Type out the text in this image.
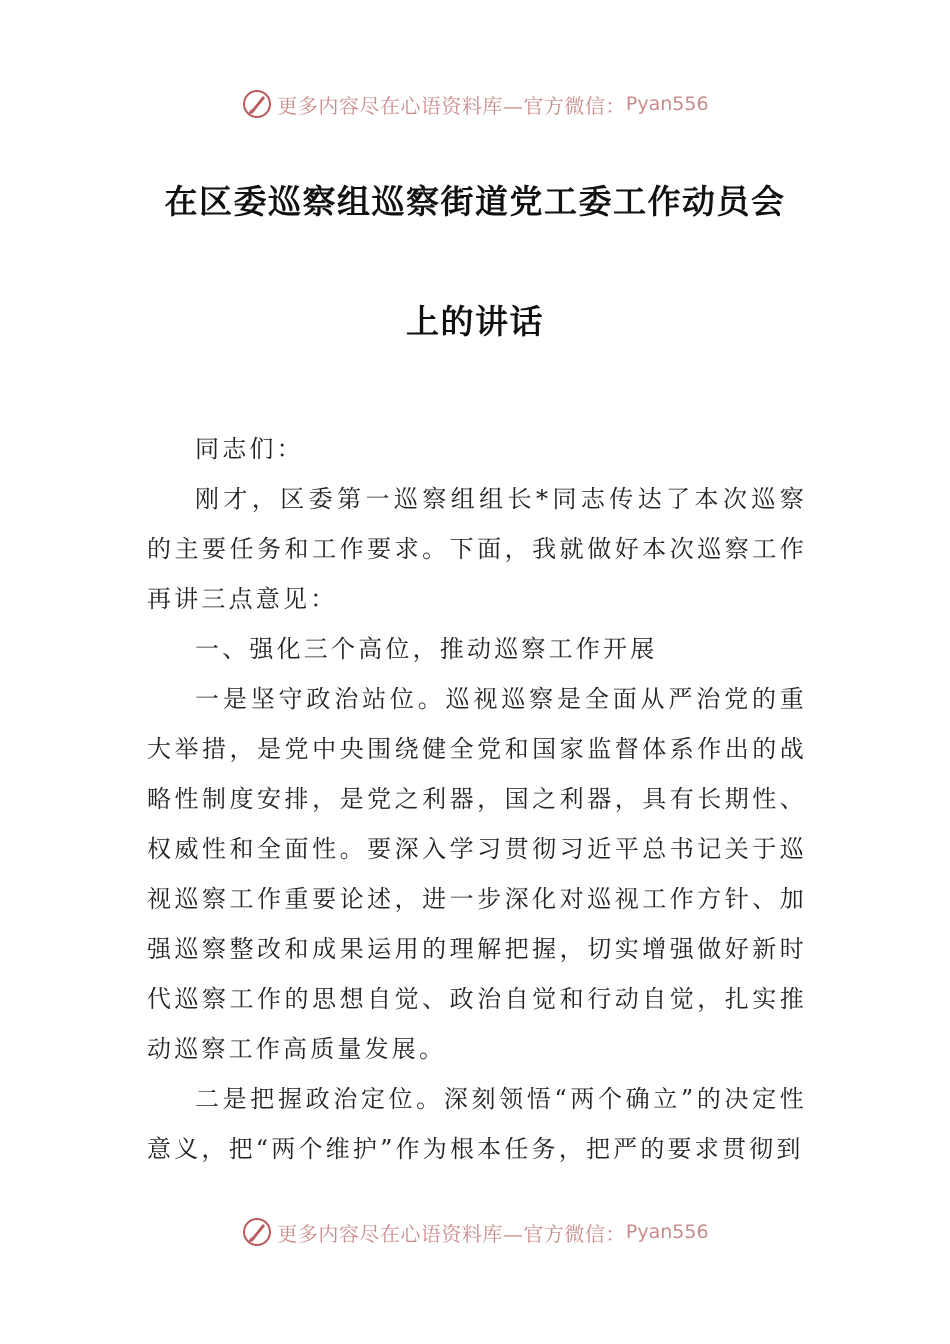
更多内容尽在心语资料库—官方微信： Pyan556
在区委巡察组巡察街道党工委工作动员会
上的讲话

同志们：

刚才，区委第一巡察组组长*同志传达了本次巡察的主要任务和工作要求。下面，我就做好本次巡察工作再讲三点意见：

一、强化三个高位，推动巡察工作开展

一是坚守政治站位。巡视巡察是全面从严治党的重大举措，是党中央围绕健全党和国家监督体系作出的战略性制度安排，是党之利器，国之利器，具有长期性、权威性和全面性。要深入学习贯彻习近平总书记关于巡视巡察工作重要论述，进一步深化对巡视工作方针、加强巡察整改和成果运用的理解把握，切实增强做好新时代巡察工作的思想自觉、政治自觉和行动自觉，扎实推动巡察工作高质量发展。

二是把握政治定位。深刻领悟“两个确立”的决定性意义，把“两个维护”作为根本任务，把严的要求贯彻到

更多内容尽在心语资料库—官方微信： Pyan556
